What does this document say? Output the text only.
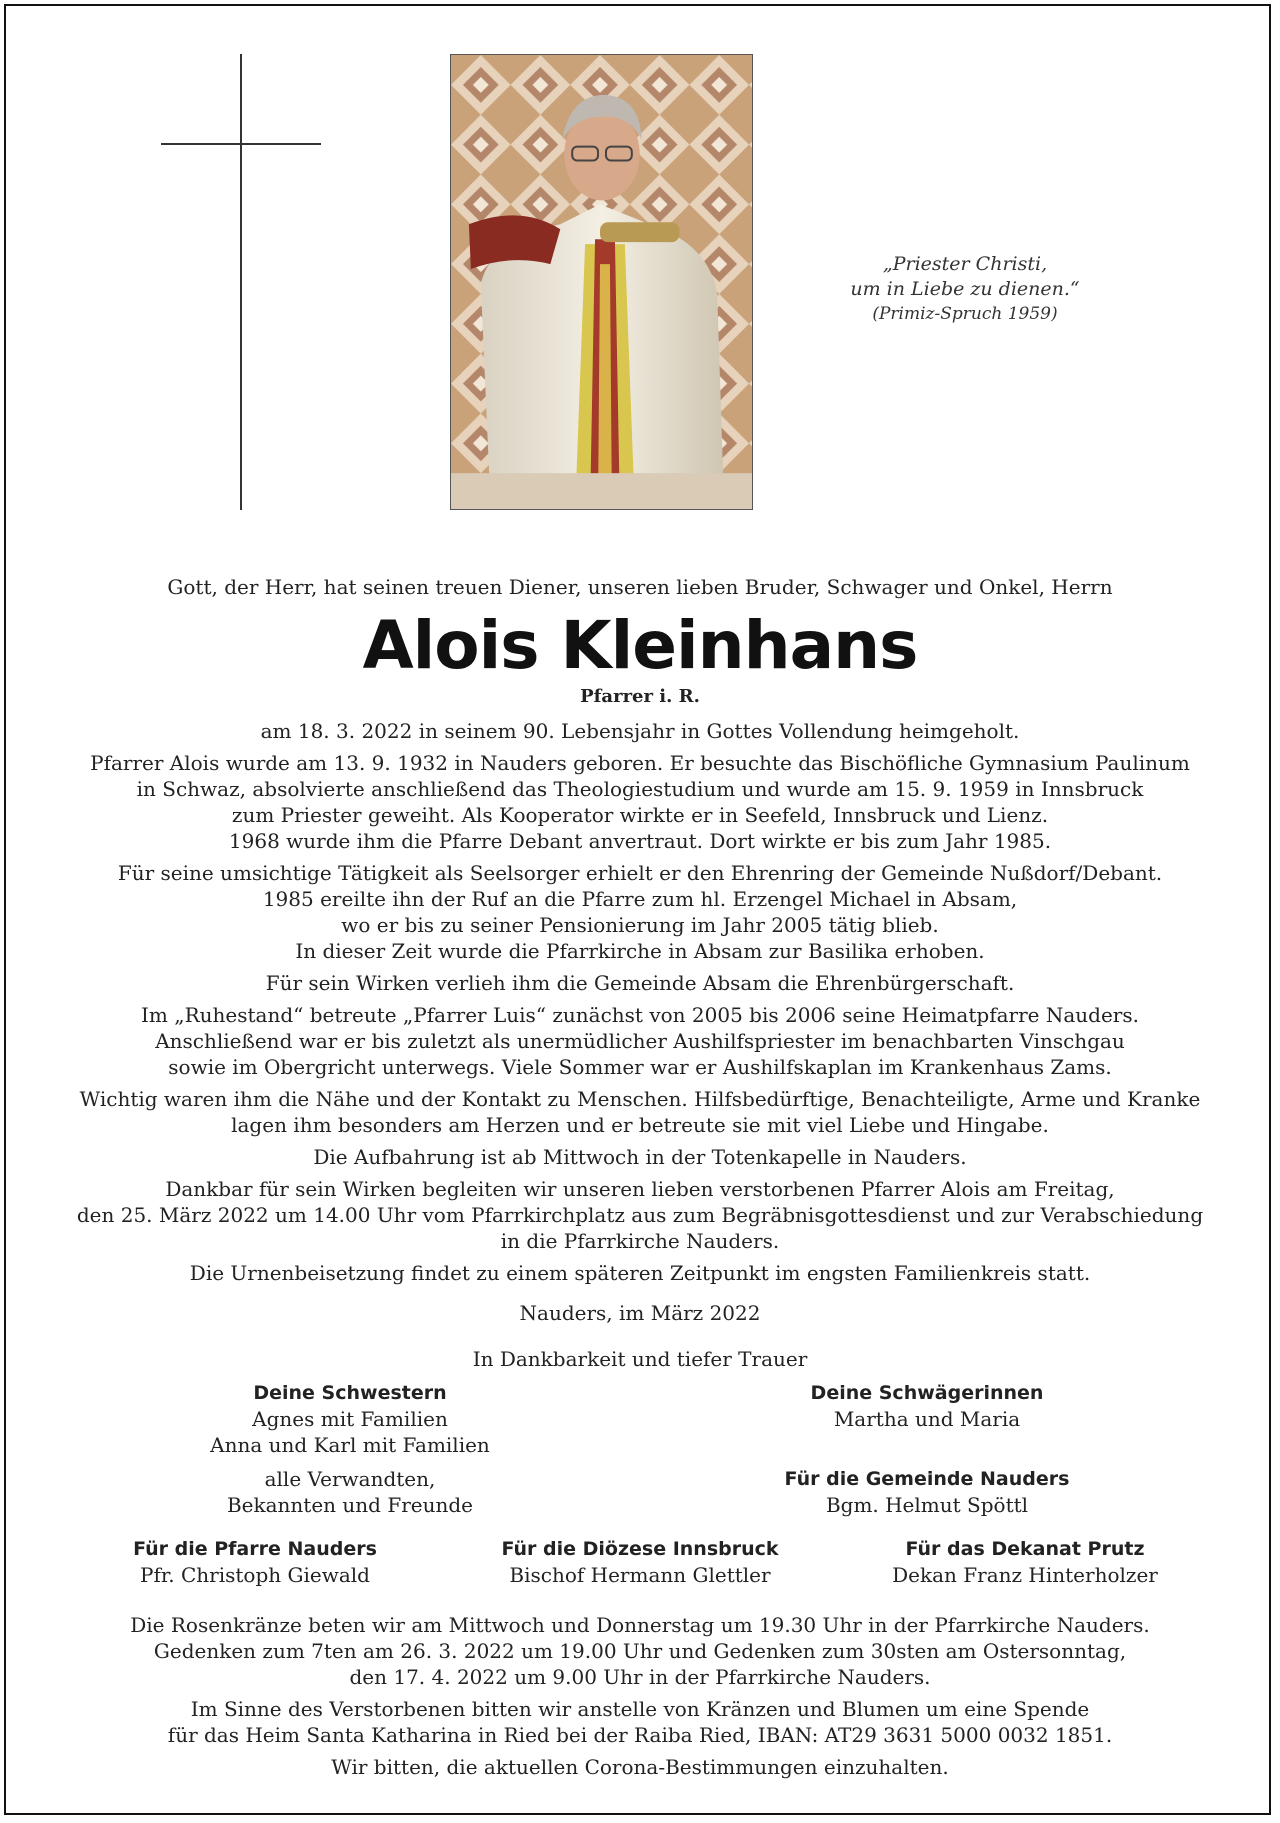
„Priester Christi,
um in Liebe zu dienen.“
(Primiz-Spruch 1959)
Gott, der Herr, hat seinen treuen Diener, unseren lieben Bruder, Schwager und Onkel, Herrn
Alois Kleinhans
Pfarrer i. R.

am 18. 3. 2022 in seinem 90. Lebensjahr in Gottes Vollendung heimgeholt.

Pfarrer Alois wurde am 13. 9. 1932 in Nauders geboren. Er besuchte das Bischöfliche Gymnasium Paulinum
in Schwaz, absolvierte anschließend das Theologiestudium und wurde am 15. 9. 1959 in Innsbruck
zum Priester geweiht. Als Kooperator wirkte er in Seefeld, Innsbruck und Lienz.
1968 wurde ihm die Pfarre Debant anvertraut. Dort wirkte er bis zum Jahr 1985.

Für seine umsichtige Tätigkeit als Seelsorger erhielt er den Ehrenring der Gemeinde Nußdorf/Debant.
1985 ereilte ihn der Ruf an die Pfarre zum hl. Erzengel Michael in Absam,
wo er bis zu seiner Pensionierung im Jahr 2005 tätig blieb.
In dieser Zeit wurde die Pfarrkirche in Absam zur Basilika erhoben.

Für sein Wirken verlieh ihm die Gemeinde Absam die Ehrenbürgerschaft.

Im „Ruhestand“ betreute „Pfarrer Luis“ zunächst von 2005 bis 2006 seine Heimatpfarre Nauders.
Anschließend war er bis zuletzt als unermüdlicher Aushilfspriester im benachbarten Vinschgau
sowie im Obergricht unterwegs. Viele Sommer war er Aushilfskaplan im Krankenhaus Zams.

Wichtig waren ihm die Nähe und der Kontakt zu Menschen. Hilfsbedürftige, Benachteiligte, Arme und Kranke
lagen ihm besonders am Herzen und er betreute sie mit viel Liebe und Hingabe.

Die Aufbahrung ist ab Mittwoch in der Totenkapelle in Nauders.

Dankbar für sein Wirken begleiten wir unseren lieben verstorbenen Pfarrer Alois am Freitag,
den 25. März 2022 um 14.00 Uhr vom Pfarrkirchplatz aus zum Begräbnisgottesdienst und zur Verabschiedung
in die Pfarrkirche Nauders.

Die Urnenbeisetzung findet zu einem späteren Zeitpunkt im engsten Familienkreis statt.

Nauders, im März 2022
In Dankbarkeit und tiefer Trauer
Deine Schwestern
Agnes mit Familien
Anna und Karl mit Familien
alle Verwandten,
Bekannten und Freunde
Deine Schwägerinnen
Martha und Maria
Für die Gemeinde Nauders
Bgm. Helmut Spöttl
Für die Pfarre Nauders
Pfr. Christoph Giewald
Für die Diözese Innsbruck
Bischof Hermann Glettler
Für das Dekanat Prutz
Dekan Franz Hinterholzer

Die Rosenkränze beten wir am Mittwoch und Donnerstag um 19.30 Uhr in der Pfarrkirche Nauders.
Gedenken zum 7ten am 26. 3. 2022 um 19.00 Uhr und Gedenken zum 30sten am Ostersonntag,
den 17. 4. 2022 um 9.00 Uhr in der Pfarrkirche Nauders.

Im Sinne des Verstorbenen bitten wir anstelle von Kränzen und Blumen um eine Spende
für das Heim Santa Katharina in Ried bei der Raiba Ried, IBAN: AT29 3631 5000 0032 1851.

Wir bitten, die aktuellen Corona-Bestimmungen einzuhalten.
